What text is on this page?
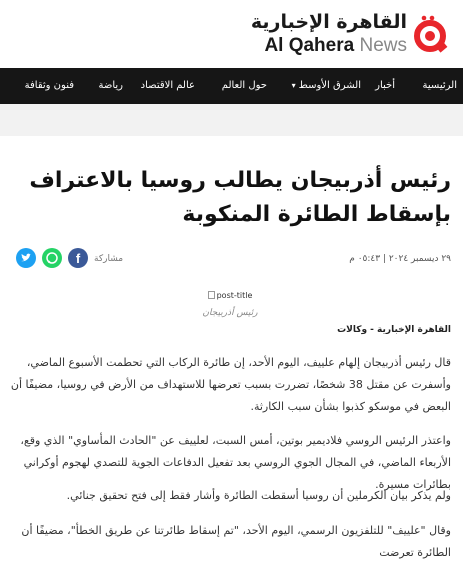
القاهرة الإخبارية
Al Qahera News
الرئيسية
أخبار
الشرق الأوسط▾
حول العالم
عالم الاقتصاد
رياضة
فنون وثقافة
رئيس أذربيجان يطالب روسيا بالاعتراف بإسقاط الطائرة المنكوبة
٢٩ ديسمبر ٢٠٢٤ | ٠٥:٤٣ م
مشاركة
f
post-title
رئيس أذربيجان
القاهرة الإخبارية - وكالات

قال رئيس أذربيجان إلهام علييف، اليوم الأحد، إن طائرة الركاب التي تحطمت الأسبوع الماضي، وأسفرت عن مقتل 38 شخصًا، تضررت بسبب تعرضها للاستهداف من الأرض في روسيا، مضيفًا أن البعض في موسكو كذبوا بشأن سبب الكارثة.

واعتذر الرئيس الروسي فلاديمير بوتين، أمس السبت، لعلييف عن "الحادث المأساوي" الذي وقع، الأربعاء الماضي، في المجال الجوي الروسي بعد تفعيل الدفاعات الجوية للتصدي لهجوم أوكراني بطائرات مسيرة.

ولم يذكر بيان الكرملين أن روسيا أسقطت الطائرة وأشار فقط إلى فتح تحقيق جنائي.

وقال "علييف" للتلفزيون الرسمي، اليوم الأحد، "تم إسقاط طائرتنا عن طريق الخطأ"، مضيفًا أن الطائرة تعرضت
